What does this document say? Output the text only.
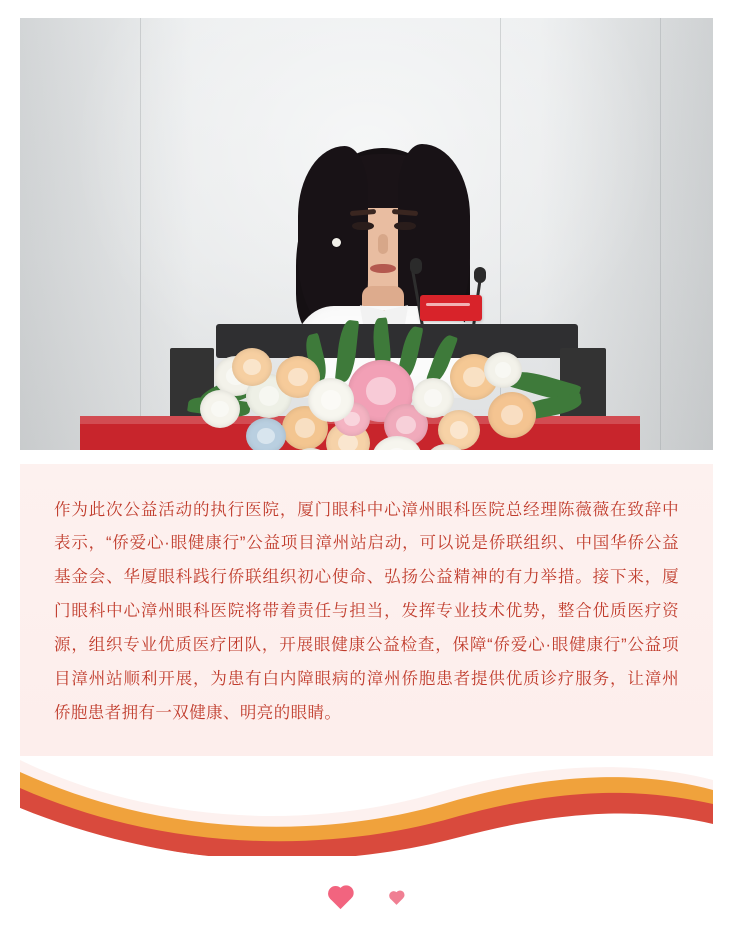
作为此次公益活动的执行医院，厦门眼科中心漳州眼科医院总经理陈薇薇在致辞中表示，“侨爱心·眼健康行”公益项目漳州站启动，可以说是侨联组织、中国华侨公益基金会、华厦眼科践行侨联组织初心使命、弘扬公益精神的有力举措。接下来，厦门眼科中心漳州眼科医院将带着责任与担当，发挥专业技术优势，整合优质医疗资源，组织专业优质医疗团队，开展眼健康公益检查，保障“侨爱心·眼健康行”公益项目漳州站顺利开展，为患有白内障眼病的漳州侨胞患者提供优质诊疗服务，让漳州侨胞患者拥有一双健康、明亮的眼睛。
